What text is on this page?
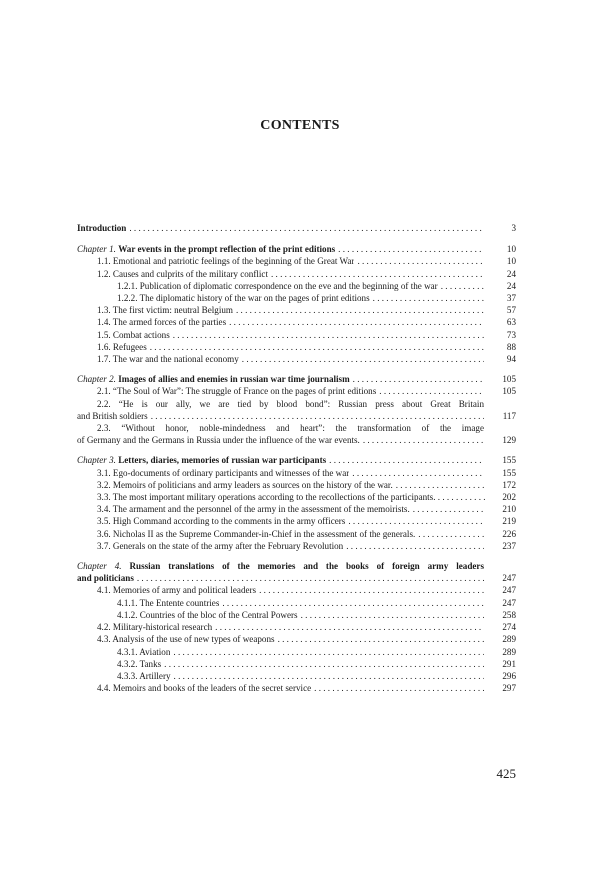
CONTENTS
Introduction . . .	3
Chapter 1. War events in the prompt reflection of the print editions . . .	10
1.1. Emotional and patriotic feelings of the beginning of the Great War . . .	10
1.2. Causes and culprits of the military conflict . . .	24
1.2.1. Publication of diplomatic correspondence on the eve and the beginning of the war . . .	24
1.2.2. The diplomatic history of the war on the pages of print editions . . .	37
1.3. The first victim: neutral Belgium . . .	57
1.4. The armed forces of the parties . . .	63
1.5. Combat actions . . .	73
1.6. Refugees . . .	88
1.7. The war and the national economy . . .	94
Chapter 2. Images of allies and enemies in russian war time journalism . . .	105
2.1. “The Soul of War”: The struggle of France on the pages of print editions . . .	105
2.2. “He is our ally, we are tied by blood bond”: Russian press about Great Britain
and British soldiers . . .	117
2.3. “Without honor, noble-mindedness and heart”: the transformation of the image
of Germany and the Germans in Russia under the influence of the war events. . . .	129
Chapter 3. Letters, diaries, memories of russian war participants . . .	155
3.1. Ego-documents of ordinary participants and witnesses of the war . . .	155
3.2. Memoirs of politicians and army leaders as sources on the history of the war. . . .	172
3.3. The most important military operations according to the recollections of the participants . . .	202
3.4. The armament and the personnel of the army in the assessment of the memoirists. . . .	210
3.5. High Command according to the comments in the army officers . . .	219
3.6. Nicholas II as the Supreme Commander-in-Chief in the assessment of the generals. . . .	226
3.7. Generals on the state of the army after the February Revolution . . .	237
Chapter 4. Russian translations of the memories and the books of foreign army leaders
and politicians . . .	247
4.1. Memories of army and political leaders . . .	247
4.1.1. The Entente countries . . .	247
4.1.2. Countries of the bloc of the Central Powers . . .	258
4.2. Military-historical research . . .	274
4.3. Analysis of the use of new types of weapons . . .	289
4.3.1. Aviation . . .	289
4.3.2. Tanks . . .	291
4.3.3. Artillery . . .	296
4.4. Memoirs and books of the leaders of the secret service . . .	297
425
